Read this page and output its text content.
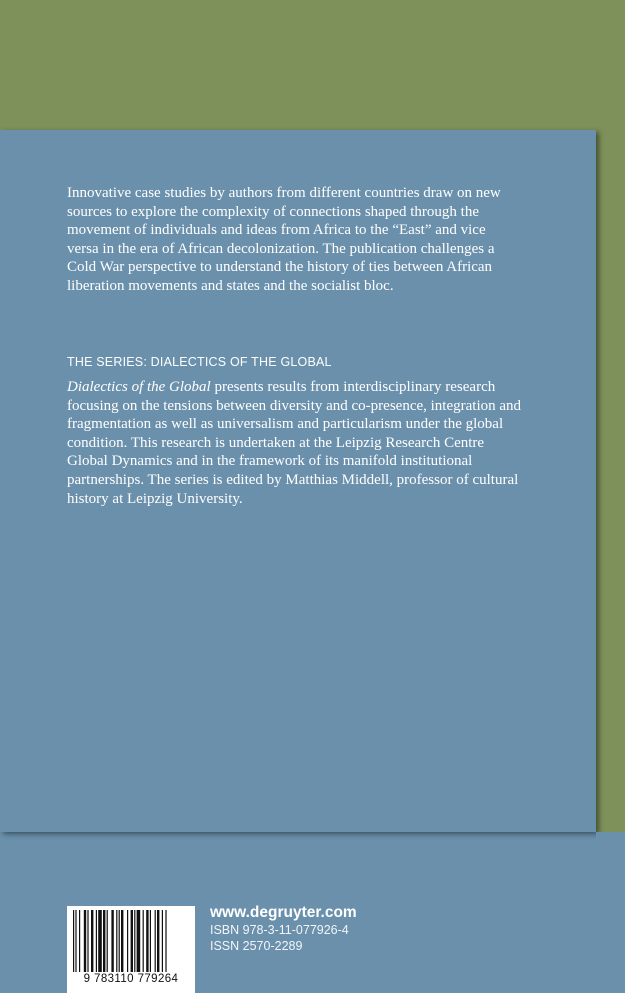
Innovative case studies by authors from different countries draw on new sources to explore the complexity of connections shaped through the movement of individuals and ideas from Africa to the “East” and vice versa in the era of African decolonization. The publication challenges a Cold War perspective to understand the history of ties between African liberation movements and states and the socialist bloc.

THE SERIES: DIALECTICS OF THE GLOBAL

Dialectics of the Global presents results from interdisciplinary research focusing on the tensions between diversity and co-presence, integration and fragmentation as well as universalism and particularism under the global condition. This research is undertaken at the Leipzig Research Centre Global Dynamics and in the framework of its manifold institutional partnerships. The series is edited by Matthias Middell, professor of cultural history at Leipzig University.

9 783110 779264
www.degruyter.com
ISBN 978-3-11-077926-4
ISSN 2570-2289
